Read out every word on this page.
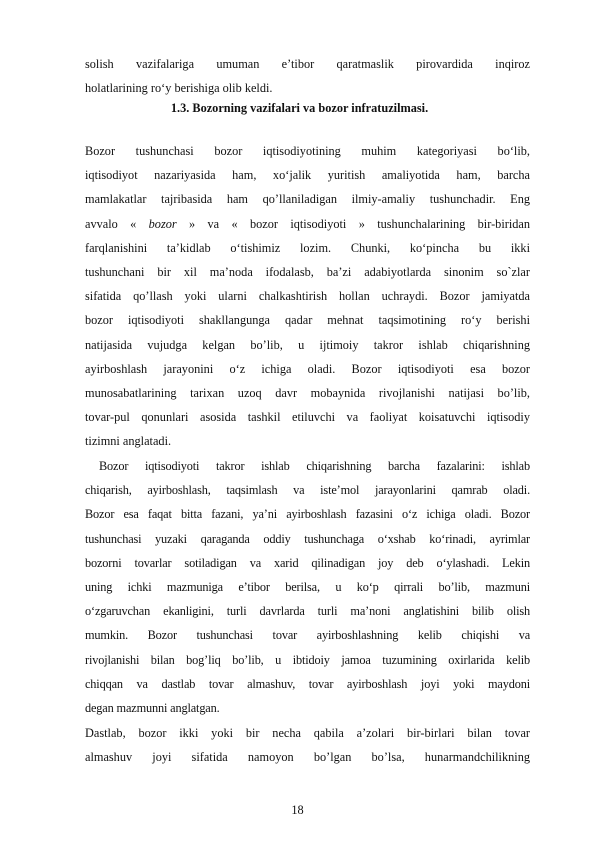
solish vazifalariga umuman e’tibor qaratmaslik pirovardida inqiroz
holatlarining ro‘y berishiga olib keldi.
1.3. Bozorning vazifalari va bozor infratuzilmasi.
Bozor tushunchasi bozor iqtisodiyotining muhim kategoriyasi bo‘lib,
iqtisodiyot nazariyasida ham, xo‘jalik yuritish amaliyotida ham, barcha
mamlakatlar tajribasida ham qo’llaniladigan ilmiy-amaliy tushunchadir. Eng
avvalo « bozor » va « bozor iqtisodiyoti » tushunchalarining bir-biridan
farqlanishini ta’kidlab o‘tishimiz lozim. Chunki, ko‘pincha bu ikki
tushunchani bir xil ma’noda ifodalasb, ba’zi adabiyotlarda sinonim so`zlar
sifatida qo’llash yoki ularni chalkashtirish hollan uchraydi. Bozor jamiyatda
bozor iqtisodiyoti shakllangunga qadar mehnat taqsimotining ro‘y berishi
natijasida vujudga kelgan bo’lib, u ijtimoiy takror ishlab chiqarishning
ayirboshlash jarayonini o‘z ichiga oladi. Bozor iqtisodiyoti esa bozor
munosabatlarining tarixan uzoq davr mobaynida rivojlanishi natijasi bo’lib,
tovar-pul qonunlari asosida tashkil etiluvchi va faoliyat koisatuvchi iqtisodiy
tizimni anglatadi.
Bozor iqtisodiyoti takror ishlab chiqarishning barcha fazalarini: ishlab
chiqarish, ayirboshlash, taqsimlash va iste’mol jarayonlarini qamrab oladi.
Bozor esa faqat bitta fazani, ya’ni ayirboshlash fazasini o‘z ichiga oladi. Bozor
tushunchasi yuzaki qaraganda oddiy tushunchaga o‘xshab ko‘rinadi, ayrimlar
bozorni tovarlar sotiladigan va xarid qilinadigan joy deb o‘ylashadi. Lekin
uning ichki mazmuniga e’tibor berilsa, u ko‘p qirrali bo’lib, mazmuni
o‘zgaruvchan ekanligini, turli davrlarda turli ma’noni anglatishini bilib olish
mumkin. Bozor tushunchasi tovar ayirboshlashning kelib chiqishi va
rivojlanishi bilan bog’liq bo’lib, u ibtidoiy jamoa tuzumining oxirlarida kelib
chiqqan va dastlab tovar almashuv, tovar ayirboshlash joyi yoki maydoni
degan mazmunni anglatgan.
Dastlab, bozor ikki yoki bir necha qabila a’zolari bir-birlari bilan tovar
almashuv joyi sifatida namoyon bo’lgan bo’lsa, hunarmandchilikning
18
